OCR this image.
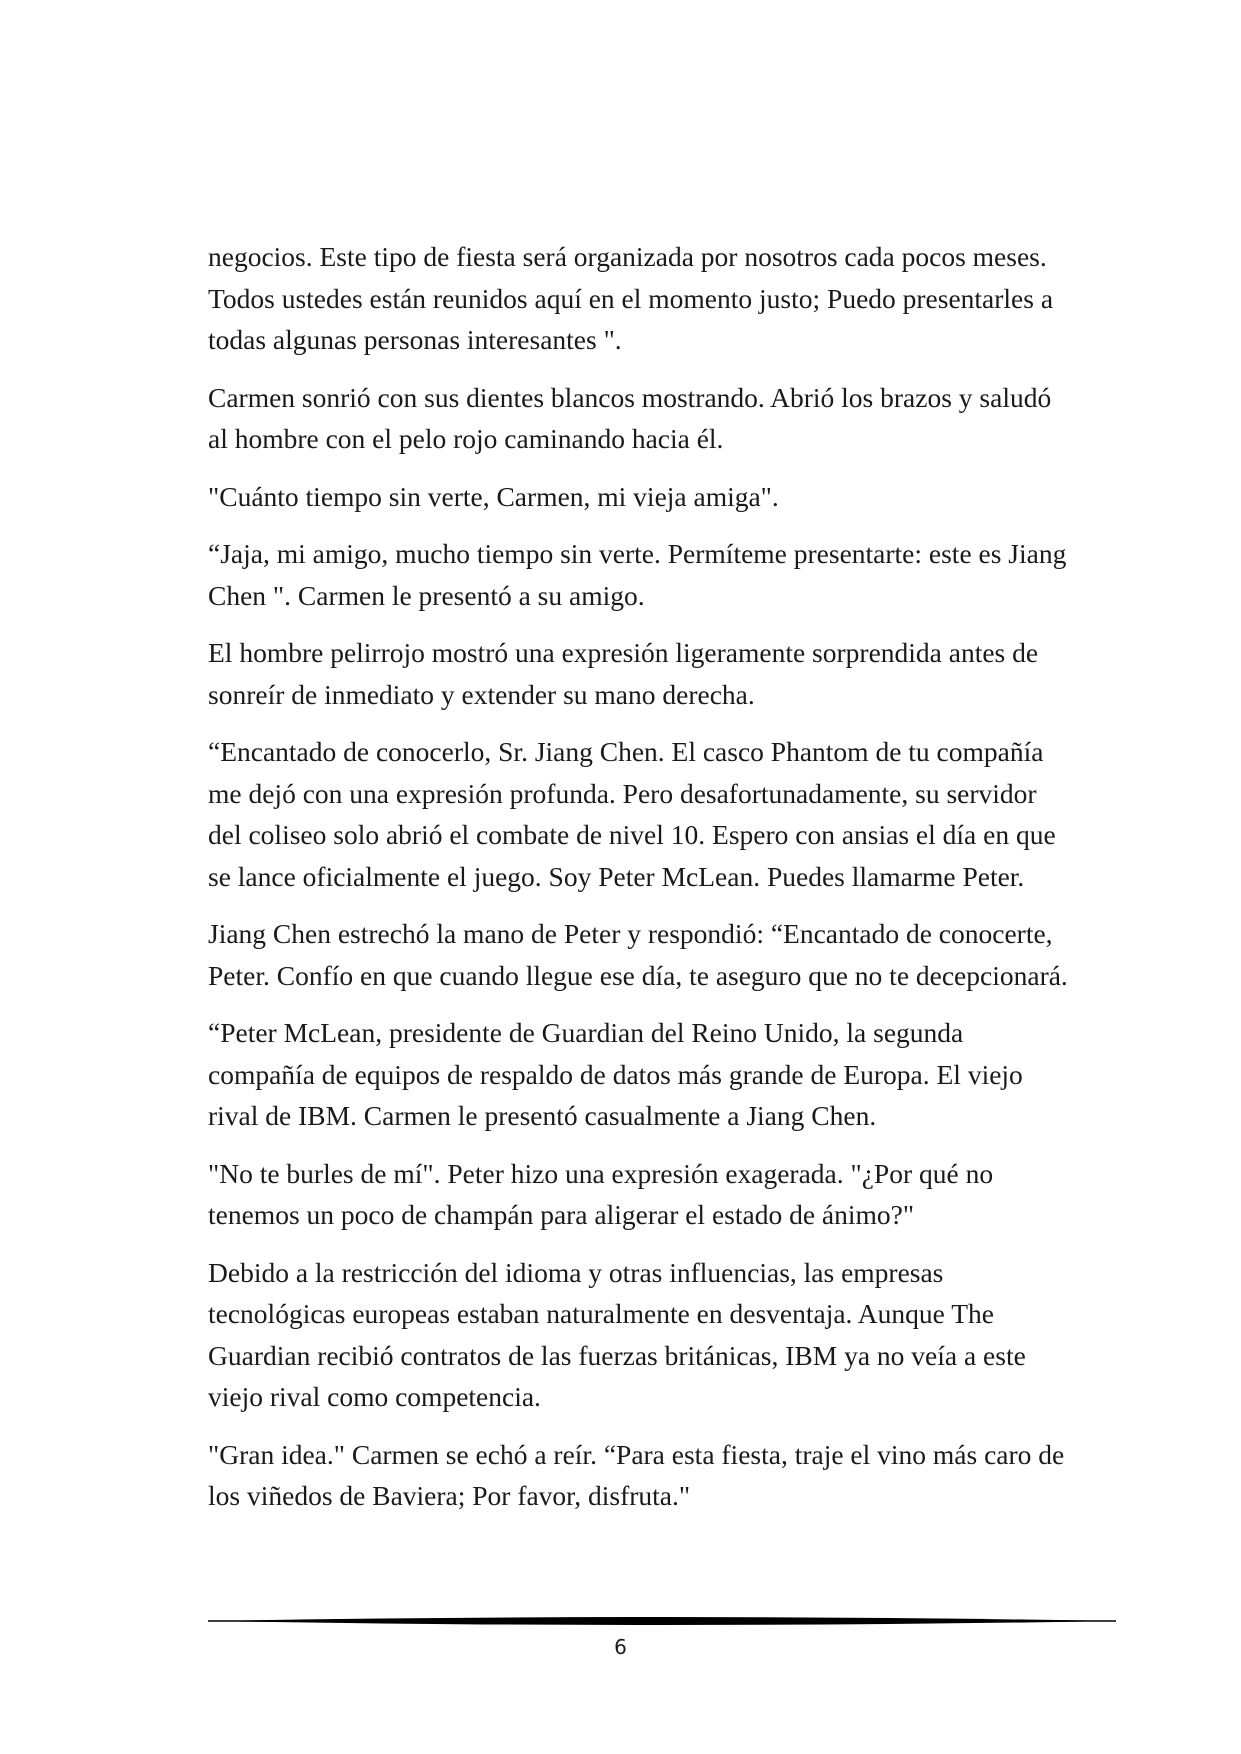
negocios. Este tipo de fiesta será organizada por nosotros cada pocos meses. Todos ustedes están reunidos aquí en el momento justo; Puedo presentarles a todas algunas personas interesantes ".

Carmen sonrió con sus dientes blancos mostrando. Abrió los brazos y saludó al hombre con el pelo rojo caminando hacia él.

"Cuánto tiempo sin verte, Carmen, mi vieja amiga".

“Jaja, mi amigo, mucho tiempo sin verte. Permíteme presentarte: este es Jiang Chen ". Carmen le presentó a su amigo.

El hombre pelirrojo mostró una expresión ligeramente sorprendida antes de sonreír de inmediato y extender su mano derecha.

“Encantado de conocerlo, Sr. Jiang Chen. El casco Phantom de tu compañía me dejó con una expresión profunda. Pero desafortunadamente, su servidor del coliseo solo abrió el combate de nivel 10. Espero con ansias el día en que se lance oficialmente el juego. Soy Peter McLean. Puedes llamarme Peter.

Jiang Chen estrechó la mano de Peter y respondió: “Encantado de conocerte, Peter. Confío en que cuando llegue ese día, te aseguro que no te decepcionará.

“Peter McLean, presidente de Guardian del Reino Unido, la segunda compañía de equipos de respaldo de datos más grande de Europa. El viejo rival de IBM. Carmen le presentó casualmente a Jiang Chen.

"No te burles de mí". Peter hizo una expresión exagerada. "¿Por qué no tenemos un poco de champán para aligerar el estado de ánimo?"

Debido a la restricción del idioma y otras influencias, las empresas tecnológicas europeas estaban naturalmente en desventaja. Aunque The Guardian recibió contratos de las fuerzas británicas, IBM ya no veía a este viejo rival como competencia.

"Gran idea." Carmen se echó a reír. “Para esta fiesta, traje el vino más caro de los viñedos de Baviera; Por favor, disfruta."

6
